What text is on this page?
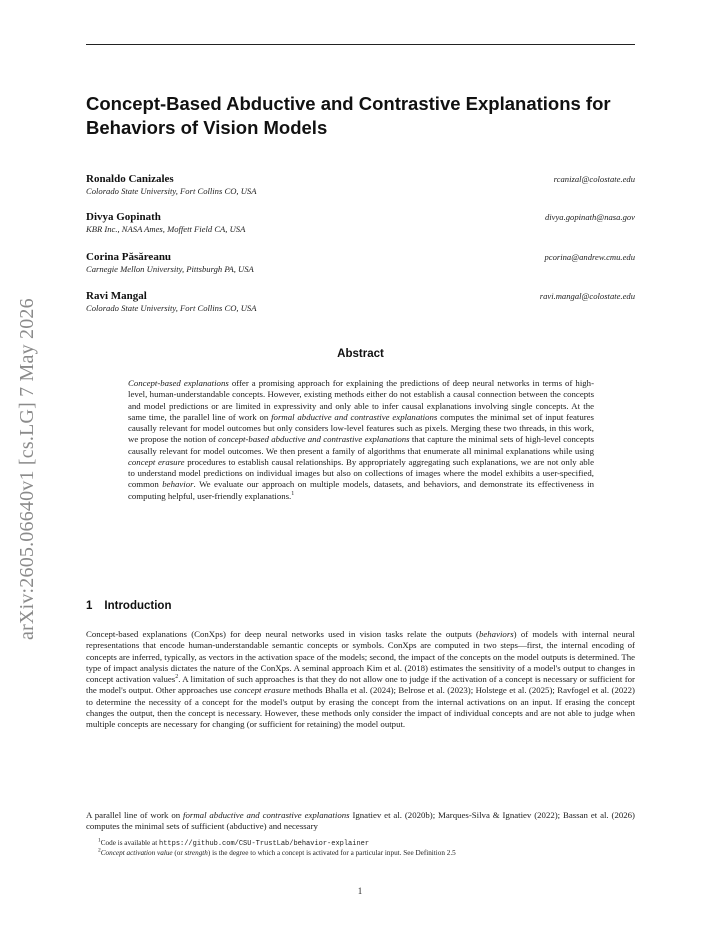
Concept-Based Abductive and Contrastive Explanations for Behaviors of Vision Models
Ronaldo Canizales
Colorado State University, Fort Collins CO, USA
rcanizal@colostate.edu
Divya Gopinath
KBR Inc., NASA Ames, Moffett Field CA, USA
divya.gopinath@nasa.gov
Corina Păsăreanu
Carnegie Mellon University, Pittsburgh PA, USA
pcorina@andrew.cmu.edu
Ravi Mangal
Colorado State University, Fort Collins CO, USA
ravi.mangal@colostate.edu
arXiv:2605.06640v1 [cs.LG] 7 May 2026	Abstract
Concept-based explanations offer a promising approach for explaining the predictions of deep neural networks in terms of high-level, human-understandable concepts. However, existing methods either do not establish a causal connection between the concepts and model predictions or are limited in expressivity and only able to infer causal explanations involving single concepts. At the same time, the parallel line of work on formal abductive and contrastive explanations computes the minimal set of input features causally relevant for model outcomes but only considers low-level features such as pixels. Merging these two threads, in this work, we propose the notion of concept-based abductive and contrastive explanations that capture the minimal sets of high-level concepts causally relevant for model outcomes. We then present a family of algorithms that enumerate all minimal explanations while using concept erasure procedures to establish causal relationships. By appropriately aggregating such explanations, we are not only able to understand model predictions on individual images but also on collections of images where the model exhibits a user-specified, common behavior. We evaluate our approach on multiple models, datasets, and behaviors, and demonstrate its effectiveness in computing helpful, user-friendly explanations.$^1$
1 Introduction
Concept-based explanations (ConXps) for deep neural networks used in vision tasks relate the outputs (behaviors) of models with internal neural representations that encode human-understandable semantic concepts or symbols. ConXps are computed in two steps—first, the internal encoding of concepts are inferred, typically, as vectors in the activation space of the models; second, the impact of the concepts on the model outputs is determined. The type of impact analysis dictates the nature of the ConXps. A seminal approach Kim et al. (2018) estimates the sensitivity of a model's output to changes in concept activation values$^2$. A limitation of such approaches is that they do not allow one to judge if the activation of a concept is necessary or sufficient for the model's output. Other approaches use concept erasure methods Bhalla et al. (2024); Belrose et al. (2023); Holstege et al. (2025); Ravfogel et al. (2022) to determine the necessity of a concept for the model's output by erasing the concept from the internal activations on an input. If erasing the concept changes the output, then the concept is necessary. However, these methods only consider the impact of individual concepts and are not able to judge when multiple concepts are necessary for changing (or sufficient for retaining) the model output.
A parallel line of work on formal abductive and contrastive explanations Ignatiev et al. (2020b); Marques-Silva & Ignatiev (2022); Bassan et al. (2026) computes the minimal sets of sufficient (abductive) and necessary
$^1$Code is available at https://github.com/CSU-TrustLab/behavior-explainer
$^2$Concept activation value (or strength) is the degree to which a concept is activated for a particular input. See Definition 2.5
1
